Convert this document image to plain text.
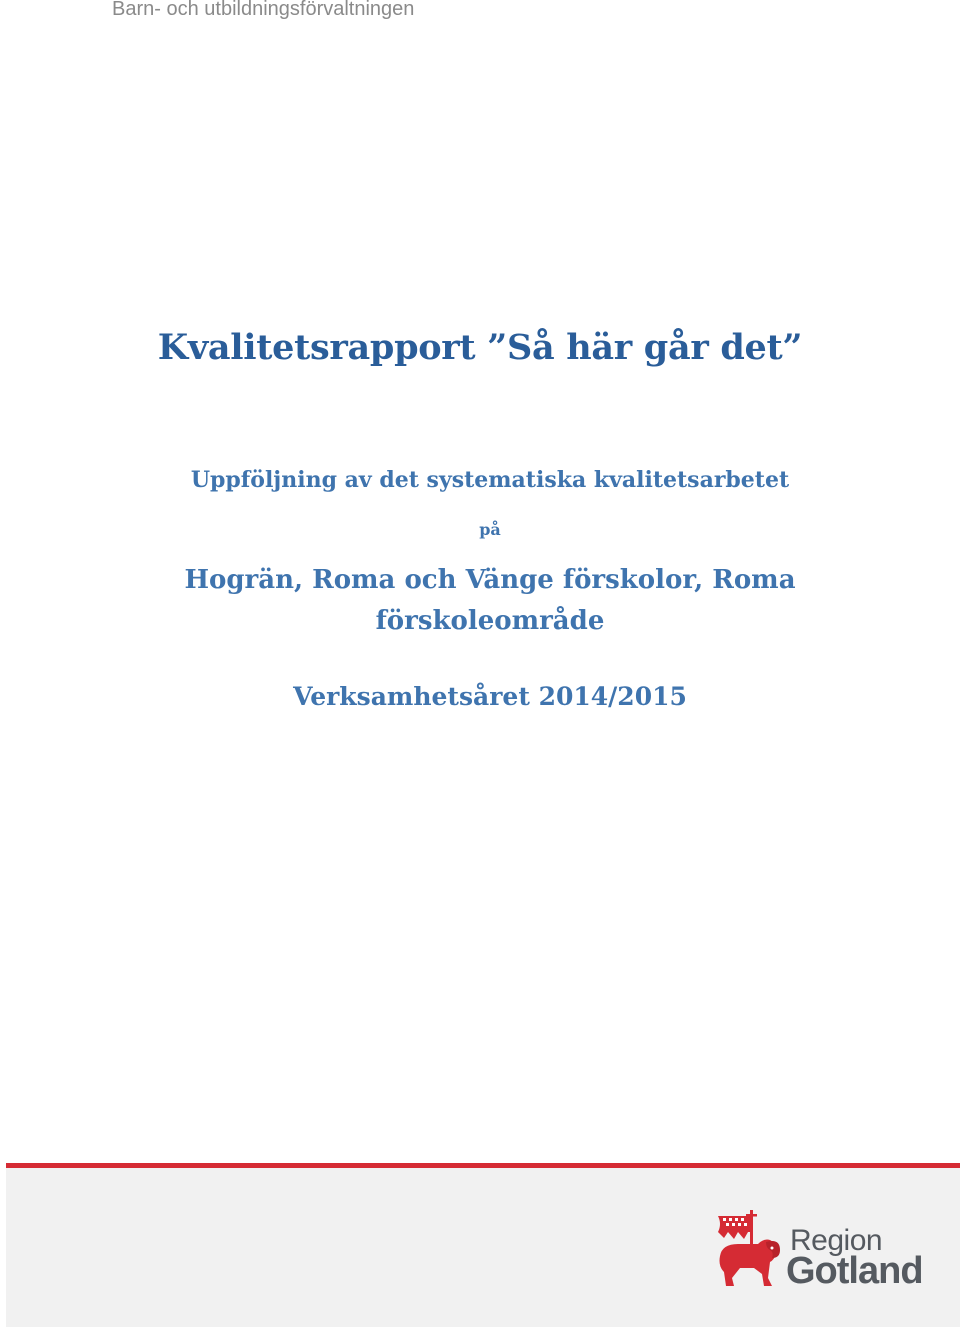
Barn- och utbildningsförvaltningen
Kvalitetsrapport ”Så här går det”
Uppföljning av det systematiska kvalitetsarbetet
på
Hogrän, Roma och Vänge förskolor, Roma
förskoleområde
Verksamhetsåret 2014/2015
Region
Gotland
